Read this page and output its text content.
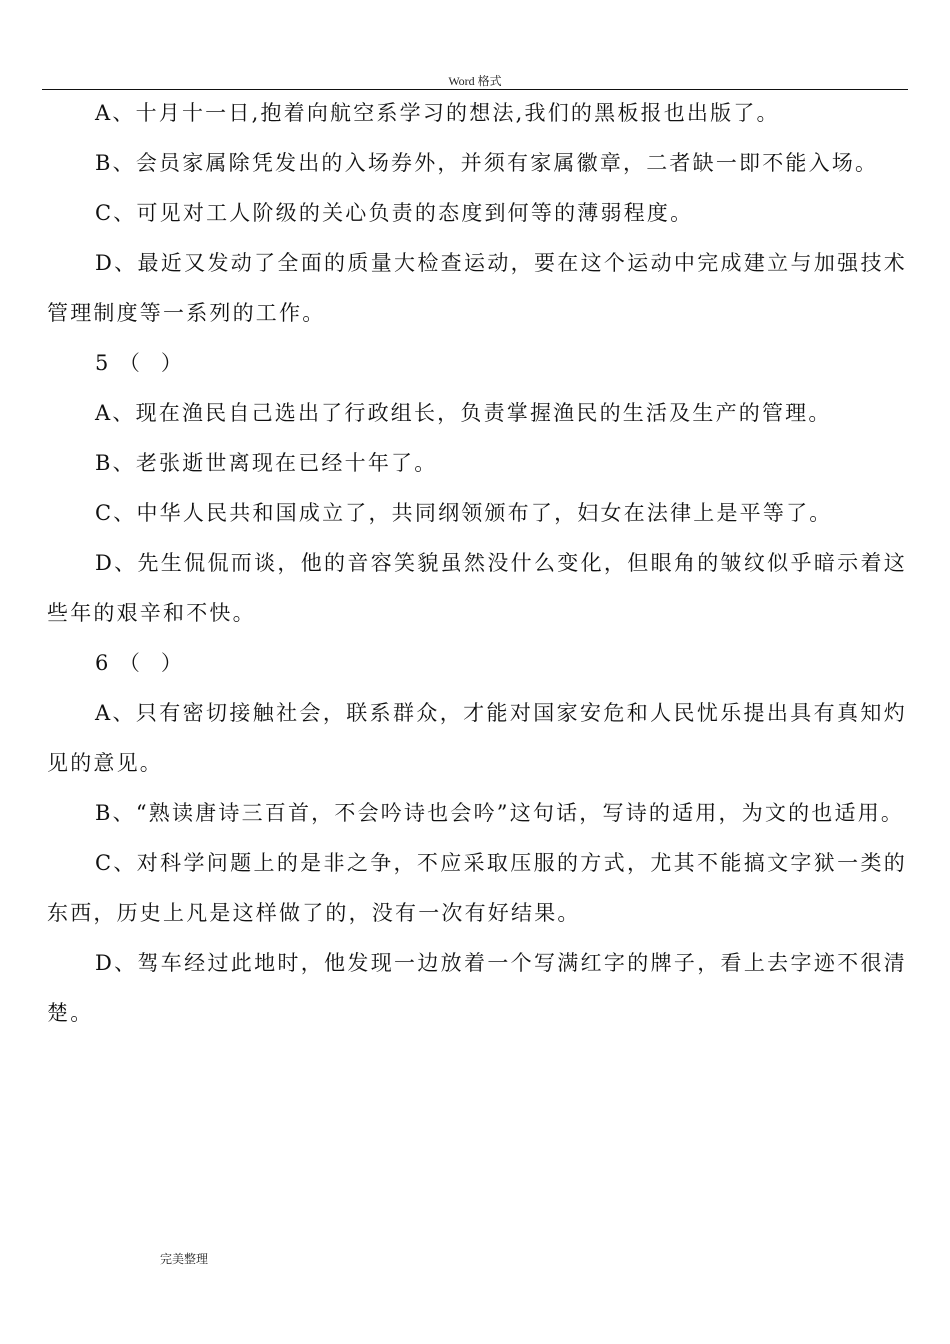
Word 格式

A、十月十一日,抱着向航空系学习的想法,我们的黑板报也出版了。

B、会员家属除凭发出的入场券外，并须有家属徽章，二者缺一即不能入场。

C、可见对工人阶级的关心负责的态度到何等的薄弱程度。

D、最近又发动了全面的质量大检查运动，要在这个运动中完成建立与加强技术管理制度等一系列的工作。

5　（　）

A、现在渔民自己选出了行政组长，负责掌握渔民的生活及生产的管理。

B、老张逝世离现在已经十年了。

C、中华人民共和国成立了，共同纲领颁布了，妇女在法律上是平等了。

D、先生侃侃而谈，他的音容笑貌虽然没什么变化，但眼角的皱纹似乎暗示着这些年的艰辛和不快。

6　（　）

A、只有密切接触社会，联系群众，才能对国家安危和人民忧乐提出具有真知灼见的意见。

B、“熟读唐诗三百首，不会吟诗也会吟”这句话，写诗的适用，为文的也适用。

C、对科学问题上的是非之争，不应采取压服的方式，尤其不能搞文字狱一类的东西，历史上凡是这样做了的，没有一次有好结果。

D、驾车经过此地时，他发现一边放着一个写满红字的牌子，看上去字迹不很清楚。

完美整理
